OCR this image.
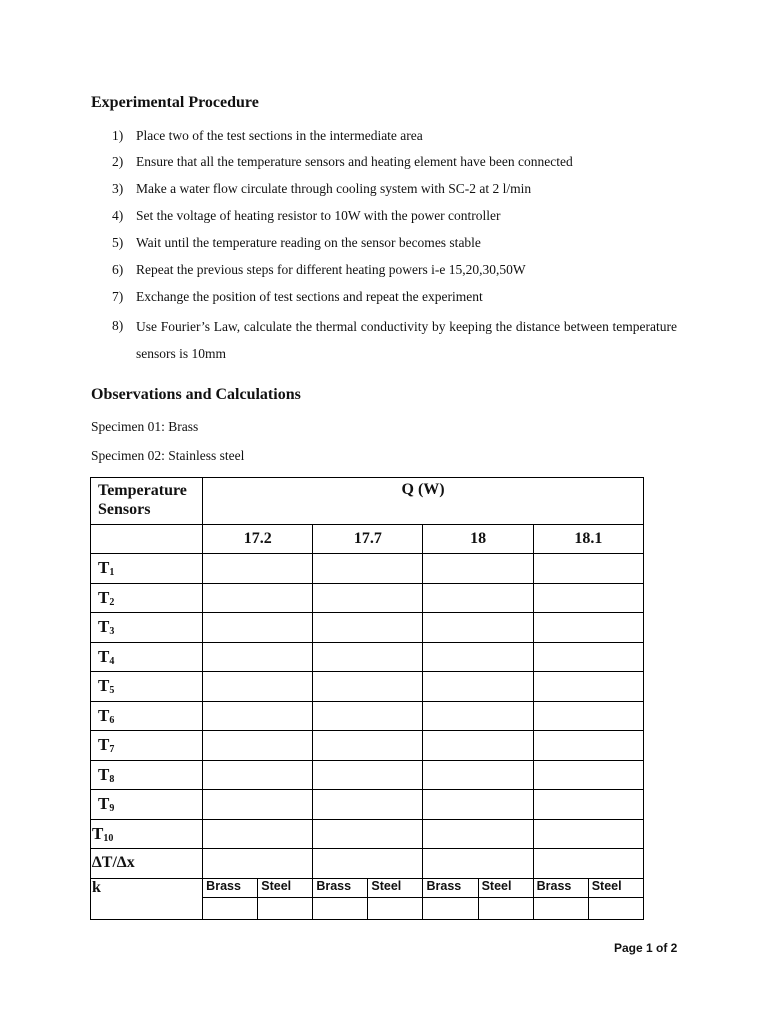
Experimental Procedure
1) Place two of the test sections in the intermediate area
2) Ensure that all the temperature sensors and heating element have been connected
3) Make a water flow circulate through cooling system with SC-2 at 2 l/min
4) Set the voltage of heating resistor to 10W with the power controller
5) Wait until the temperature reading on the sensor becomes stable
6) Repeat the previous steps for different heating powers i-e 15,20,30,50W
7) Exchange the position of test sections and repeat the experiment
8) Use Fourier’s Law, calculate the thermal conductivity by keeping the distance between temperature sensors is 10mm
Observations and Calculations
Specimen 01: Brass
Specimen 02: Stainless steel
Temperature Sensors	Q (W)							
	17.2		17.7		18		18.1	
$T_1$				
$T_2$				
$T_3$				
$T_4$				
$T_5$				
$T_6$				
$T_7$				
$T_8$				
$T_9$				
$T_{10}$				
∆T/∆x								
k	Brass	Steel	Brass	Steel	Brass	Steel	Brass	Steel

Page 1 of 2
